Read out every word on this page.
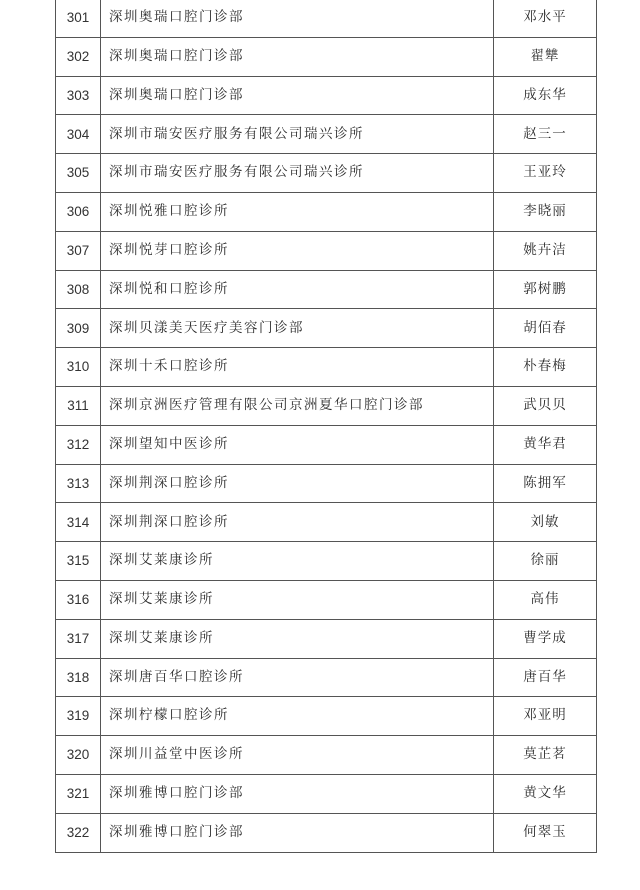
301	深圳奥瑞口腔门诊部	邓水平
302	深圳奥瑞口腔门诊部	翟犨
303	深圳奥瑞口腔门诊部	成东华
304	深圳市瑞安医疗服务有限公司瑞兴诊所	赵三一
305	深圳市瑞安医疗服务有限公司瑞兴诊所	王亚玲
306	深圳悦雅口腔诊所	李晓丽
307	深圳悦芽口腔诊所	姚卉洁
308	深圳悦和口腔诊所	郭树鹏
309	深圳贝漾美天医疗美容门诊部	胡佰春
310	深圳十禾口腔诊所	朴春梅
311	深圳京洲医疗管理有限公司京洲夏华口腔门诊部	武贝贝
312	深圳望知中医诊所	黄华君
313	深圳荆深口腔诊所	陈拥军
314	深圳荆深口腔诊所	刘敏
315	深圳艾莱康诊所	徐丽
316	深圳艾莱康诊所	高伟
317	深圳艾莱康诊所	曹学成
318	深圳唐百华口腔诊所	唐百华
319	深圳柠檬口腔诊所	邓亚明
320	深圳川益堂中医诊所	莫芷茗
321	深圳雅博口腔门诊部	黄文华
322	深圳雅博口腔门诊部	何翠玉
